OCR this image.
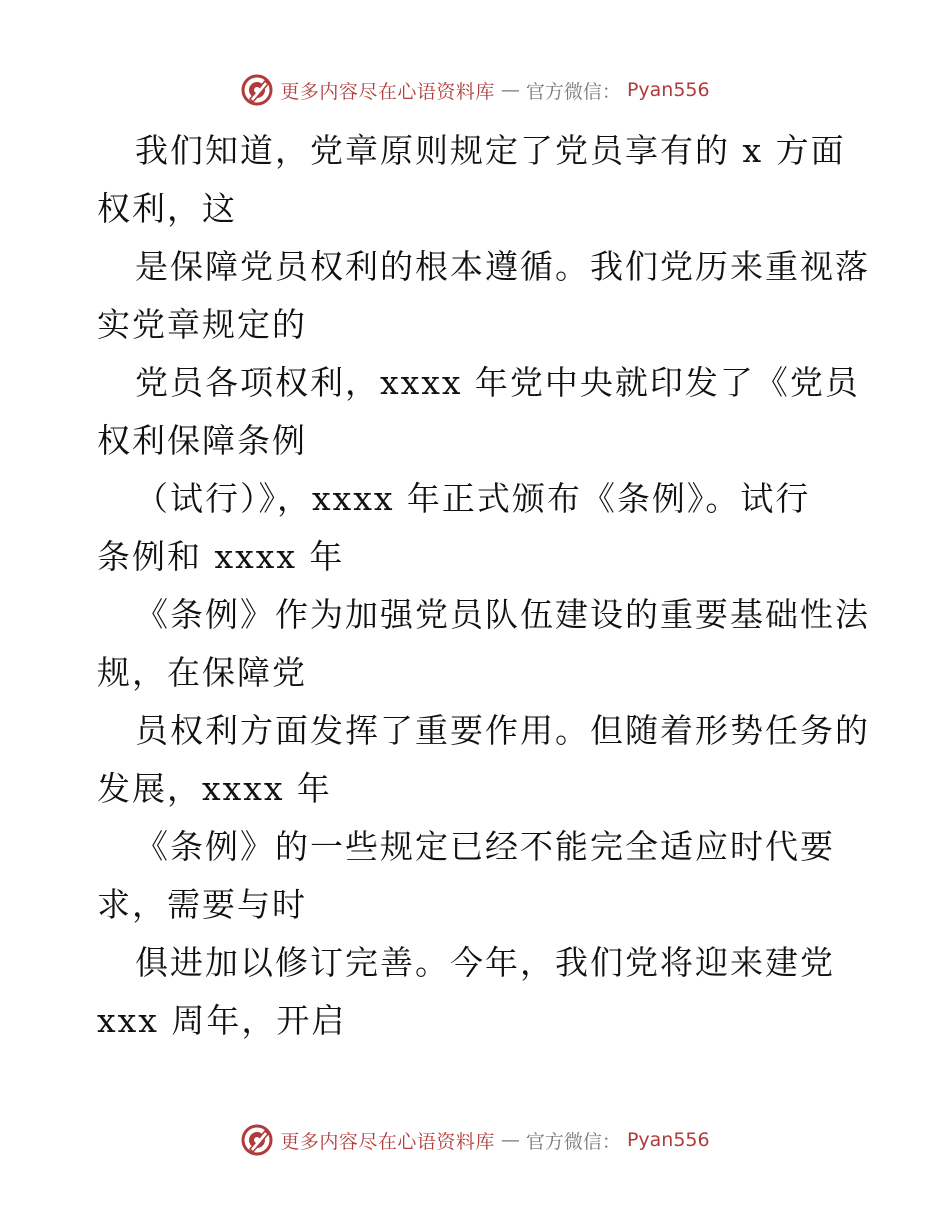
更多内容尽在心语资料库 — 官方微信： Pyan556
我们知道，党章原则规定了党员享有的 x 方面
权利，这
是保障党员权利的根本遵循。我们党历来重视落
实党章规定的
党员各项权利，xxxx 年党中央就印发了《党员
权利保障条例
（试行）》，xxxx 年正式颁布《条例》。试行
条例和 xxxx 年
《条例》作为加强党员队伍建设的重要基础性法
规，在保障党
员权利方面发挥了重要作用。但随着形势任务的
发展，xxxx 年
《条例》的一些规定已经不能完全适应时代要
求，需要与时
俱进加以修订完善。今年，我们党将迎来建党
xxx 周年，开启
更多内容尽在心语资料库 — 官方微信： Pyan556
